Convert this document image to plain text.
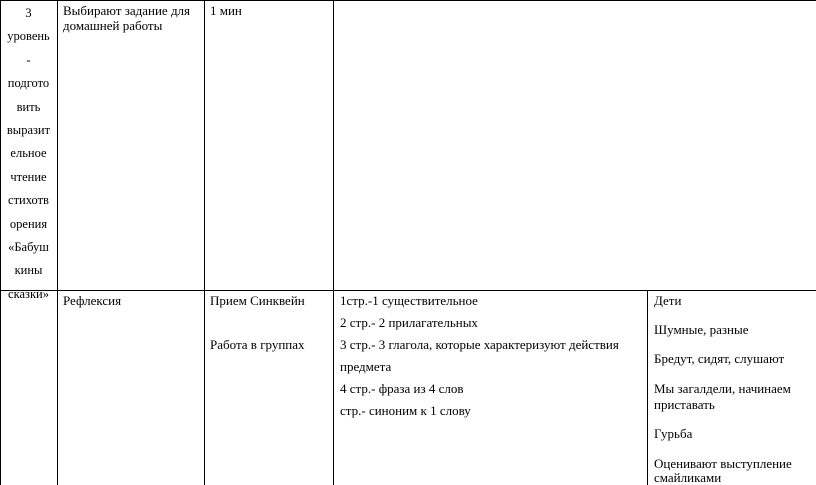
3
уровень
-
подгото
вить
выразит
ельное
чтение
стихотв
орения
«Бабуш
кины
сказки»
Выбирают задание для
домашней работы
1 мин
Рефлексия	Прием Синквейн
Работа в группах
1стр.-1 существительное
2 стр.- 2 прилагательных
3 стр.- 3 глагола, которые характеризуют действия
предмета
4 стр.- фраза из 4 слов
стр.- синоним к 1 слову
Дети
Шумные, разные
Бредут, сидят, слушают
Мы загалдели, начинаем
приставать
Гурьба
Оценивают выступление
смайликами
